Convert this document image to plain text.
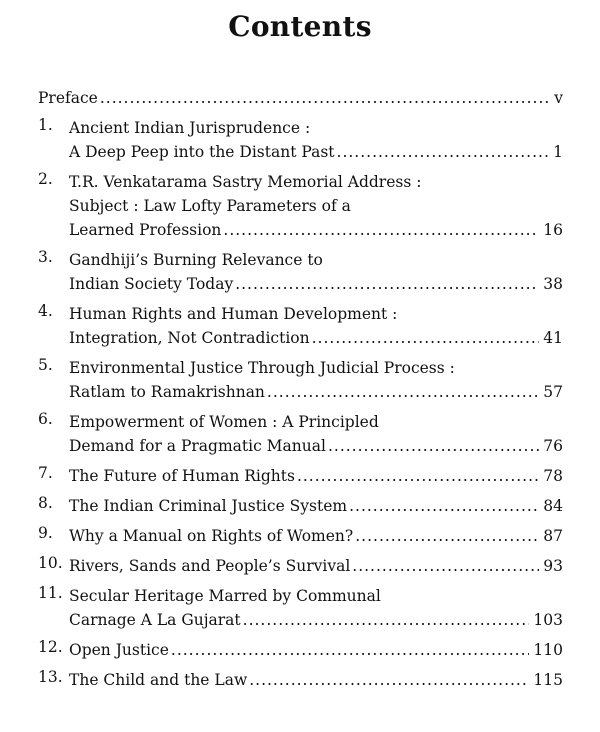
Contents
Preface .....	v
1.	Ancient Indian Jurisprudence :
A Deep Peep into the Distant Past .....	1
2.	T.R. Venkatarama Sastry Memorial Address :
Subject : Law Lofty Parameters of a
Learned Profession .....	16
3.	Gandhiji’s Burning Relevance to
Indian Society Today .....	38
4.	Human Rights and Human Development :
Integration, Not Contradiction .....	41
5.	Environmental Justice Through Judicial Process :
Ratlam to Ramakrishnan .....	57
6.	Empowerment of Women : A Principled
Demand for a Pragmatic Manual .....	76
7.	The Future of Human Rights .....	78
8.	The Indian Criminal Justice System .....	84
9.	Why a Manual on Rights of Women? .....	87
10. Rivers, Sands and People’s Survival .....	93
11. Secular Heritage Marred by Communal
Carnage A La Gujarat .....	103
12. Open Justice .....	110
13. The Child and the Law .....	115
